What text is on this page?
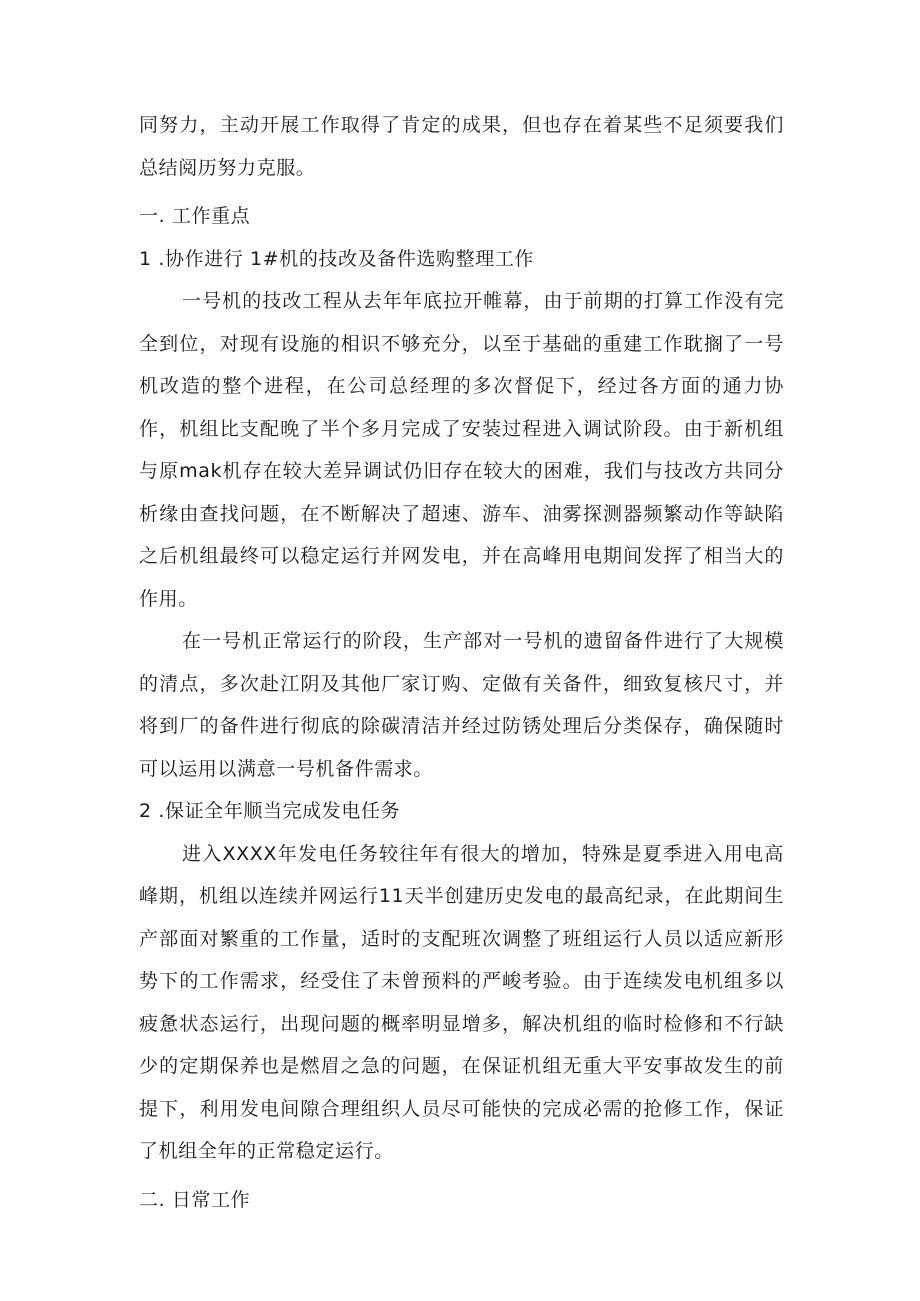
同努力，主动开展工作取得了肯定的成果，但也存在着某些不足须要我们总结阅历努力克服。

一. 工作重点

1 .协作进行 1#机的技改及备件选购整理工作

一号机的技改工程从去年年底拉开帷幕，由于前期的打算工作没有完全到位，对现有设施的相识不够充分，以至于基础的重建工作耽搁了一号机改造的整个进程，在公司总经理的多次督促下，经过各方面的通力协作，机组比支配晚了半个多月完成了安装过程进入调试阶段。由于新机组与原mak机存在较大差异调试仍旧存在较大的困难，我们与技改方共同分析缘由查找问题，在不断解决了超速、游车、油雾探测器频繁动作等缺陷之后机组最终可以稳定运行并网发电，并在高峰用电期间发挥了相当大的作用。

在一号机正常运行的阶段，生产部对一号机的遗留备件进行了大规模的清点，多次赴江阴及其他厂家订购、定做有关备件，细致复核尺寸，并将到厂的备件进行彻底的除碳清洁并经过防锈处理后分类保存，确保随时可以运用以满意一号机备件需求。

2 .保证全年顺当完成发电任务

进入XXXX年发电任务较往年有很大的增加，特殊是夏季进入用电高峰期，机组以连续并网运行11天半创建历史发电的最高纪录，在此期间生产部面对繁重的工作量，适时的支配班次调整了班组运行人员以适应新形势下的工作需求，经受住了未曾预料的严峻考验。由于连续发电机组多以疲惫状态运行，出现问题的概率明显增多，解决机组的临时检修和不行缺少的定期保养也是燃眉之急的问题，在保证机组无重大平安事故发生的前提下，利用发电间隙合理组织人员尽可能快的完成必需的抢修工作，保证了机组全年的正常稳定运行。

二. 日常工作
